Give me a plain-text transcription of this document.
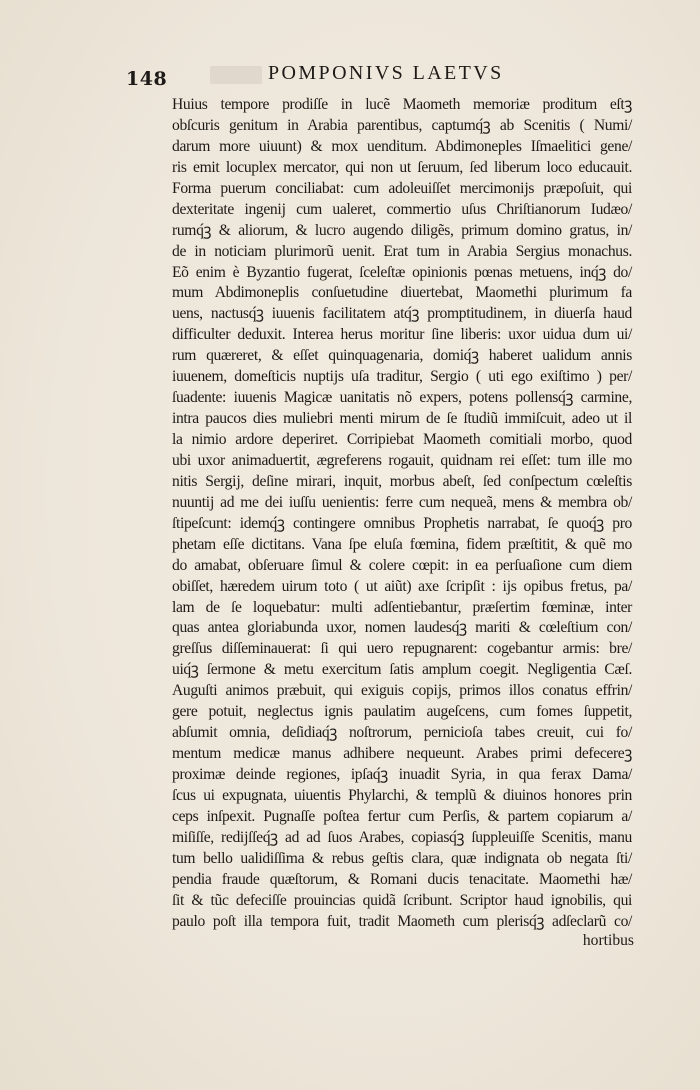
148	POMPONIVS LAETVS
Huius tempore prodiſſe in lucẽ Maometh memoriæ proditum eſtꝫ
obſcuris genitum in Arabia parentibus, captumq́ꝫ ab Scenitis ( Numi/
darum more uiuunt) & mox uenditum. Abdimoneples Iſmaelitici gene/
ris emit locuplex mercator, qui non ut ſeruum, ſed liberum loco educauit.
Forma puerum conciliabat: cum adoleuiſſet mercimonĳs præpoſuit, qui
dexteritate ingenĳ cum ualeret, commertio uſus Chriſtianorum Iudæo/
rumq́ꝫ & aliorum, & lucro augendo diligẽs, primum domino gratus, in/
de in noticiam plurimorũ uenit. Erat tum in Arabia Sergius monachus.
Eõ enim è Byzantio fugerat, ſceleſtæ opinionis pœnas metuens, inq́ꝫ do/
mum Abdimoneplis conſuetudine diuertebat, Maomethi plurimum fa
uens, nactusq́ꝫ iuuenis facilitatem atq́ꝫ promptitudinem, in diuerſa haud
difficulter deduxit. Interea herus moritur ſine liberis: uxor uidua dum ui/
rum quæreret, & eſſet quinquagenaria, domiq́ꝫ haberet ualidum annis
iuuenem, domeſticis nuptĳs uſa traditur, Sergio ( uti ego exiſtimo ) per/
ſuadente: iuuenis Magicæ uanitatis nõ expers, potens pollensq́ꝫ carmine,
intra paucos dies muliebri menti mirum de ſe ſtudiũ immiſcuit, adeo ut il
la nimio ardore deperiret. Corripiebat Maometh comitiali morbo, quod
ubi uxor animaduertit, ægreferens rogauit, quidnam rei eſſet: tum ille mo
nitis Sergĳ, deſine mirari, inquit, morbus abeſt, ſed conſpectum cœleſtis
nuuntĳ ad me dei iuſſu uenientis: ferre cum nequeã, mens & membra ob/
ſtipeſcunt: idemq́ꝫ contingere omnibus Prophetis narrabat, ſe quoq́ꝫ pro
phetam eſſe dictitans. Vana ſpe eluſa fœmina, fidem præſtitit, & quẽ mo
do amabat, obſeruare ſimul & colere cœpit: in ea perſuaſione cum diem
obiſſet, hæredem uirum toto ( ut aiũt) axe ſcripſit : ĳs opibus fretus, pa/
lam de ſe loquebatur: multi adſentiebantur, præſertim fœminæ, inter
quas antea gloriabunda uxor, nomen laudesq́ꝫ mariti & cœleſtium con/
greſſus diſſeminauerat: ſi qui uero repugnarent: cogebantur armis: bre/
uiq́ꝫ ſermone & metu exercitum ſatis amplum coegit. Negligentia Cæſ.
Auguſti animos præbuit, qui exiguis copĳs, primos illos conatus effrin/
gere potuit, neglectus ignis paulatim augeſcens, cum fomes ſuppetit,
abſumit omnia, deſidiaq́ꝫ noſtrorum, pernicioſa tabes creuit, cui fo/
mentum medicæ manus adhibere nequeunt. Arabes primi defecereꝫ
proximæ deinde regiones, ipſaq́ꝫ inuadit Syria, in qua ferax Dama/
ſcus ui expugnata, uiuentis Phylarchi, & templũ & diuinos honores prin
ceps inſpexit. Pugnaſſe poſtea fertur cum Perſis, & partem copiarum a/
miſiſſe, redĳſſeq́ꝫ ad ad ſuos Arabes, copiasq́ꝫ ſuppleuiſſe Scenitis, manu
tum bello ualidiſſima & rebus geſtis clara, quæ indignata ob negata ſti/
pendia fraude quæſtorum, & Romani ducis tenacitate. Maomethi hæ/
ſit & tũc defeciſſe prouincias quidã ſcribunt. Scriptor haud ignobilis, qui
paulo poſt illa tempora fuit, tradit Maometh cum plerisq́ꝫ adſeclarũ co/
hortibus
